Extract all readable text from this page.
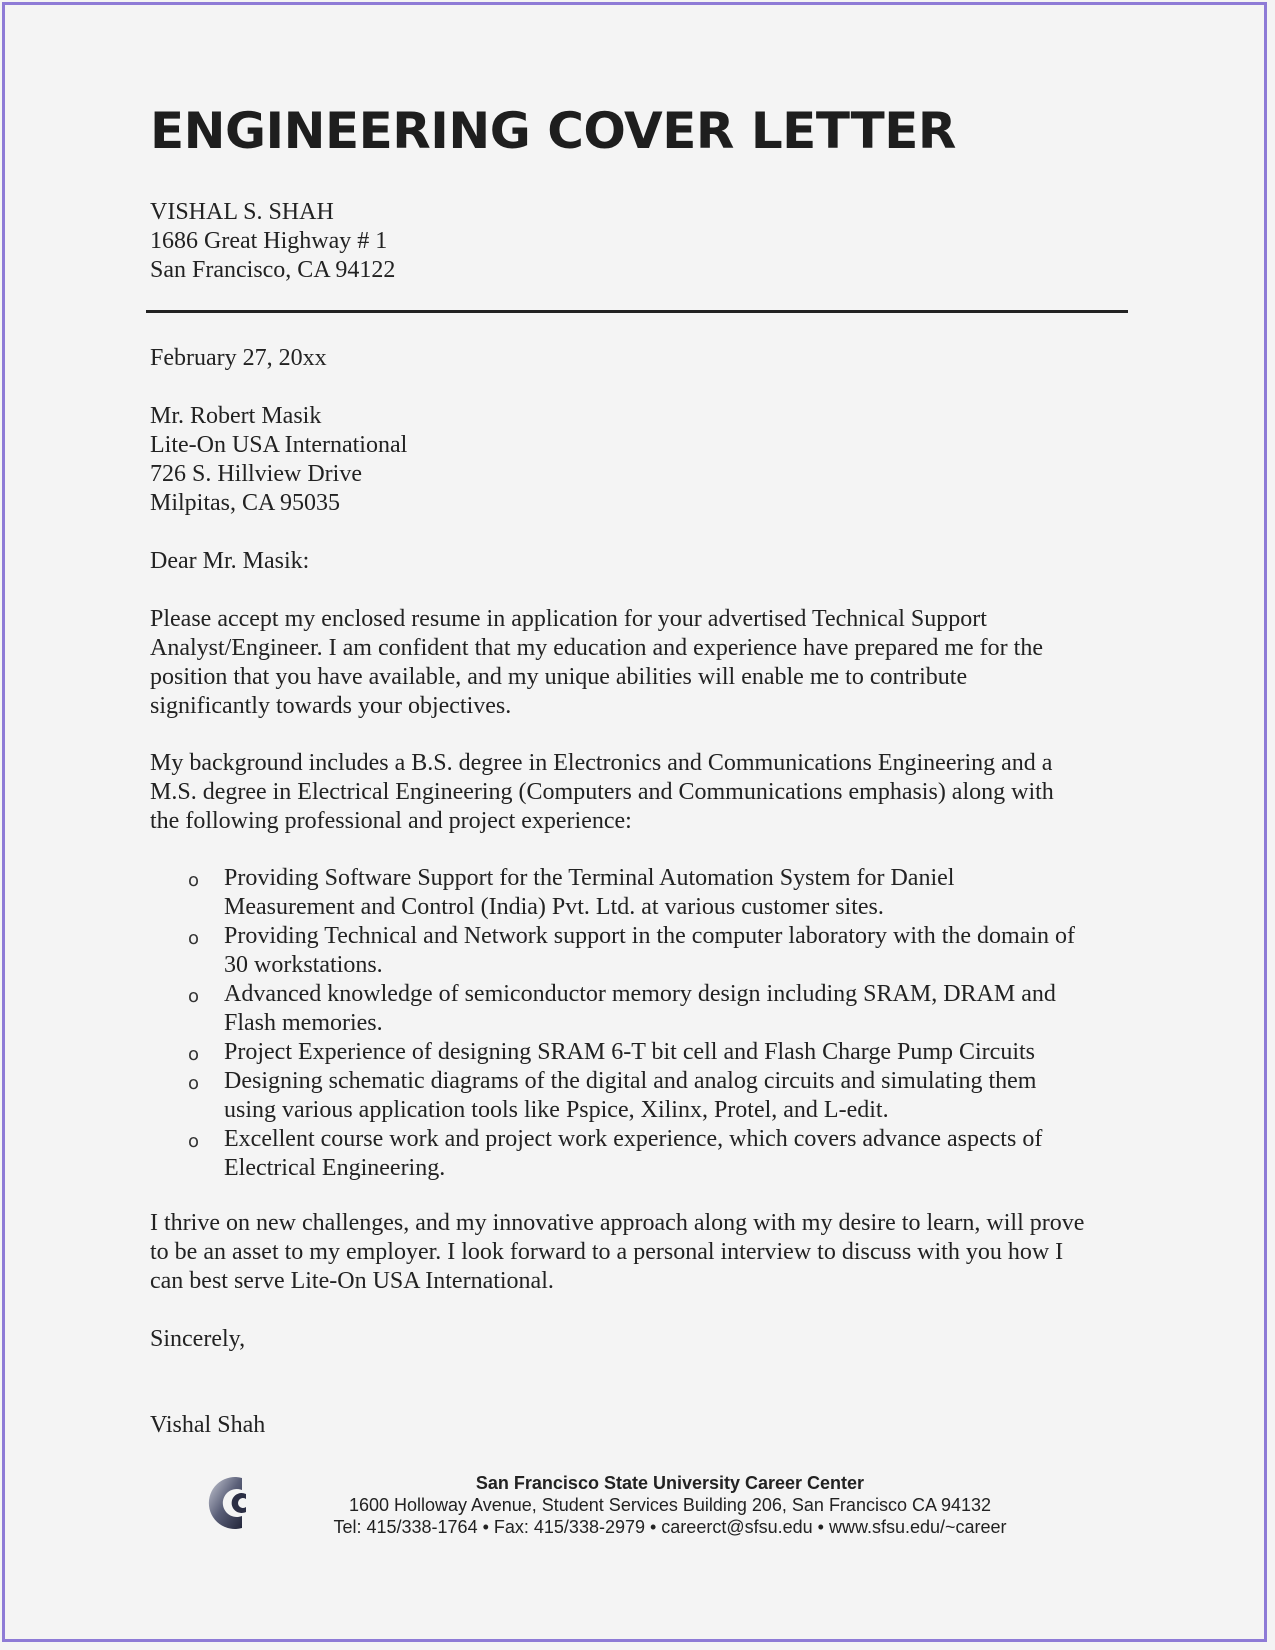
ENGINEERING COVER LETTER
VISHAL S. SHAH
1686 Great Highway # 1
San Francisco, CA 94122
February 27, 20xx
Mr. Robert Masik
Lite-On USA International
726 S. Hillview Drive
Milpitas, CA 95035
Dear Mr. Masik:
Please accept my enclosed resume in application for your advertised Technical Support
Analyst/Engineer. I am confident that my education and experience have prepared me for the
position that you have available, and my unique abilities will enable me to contribute
significantly towards your objectives.
My background includes a B.S. degree in Electronics and Communications Engineering and a
M.S. degree in Electrical Engineering (Computers and Communications emphasis) along with
the following professional and project experience:
o Providing Software Support for the Terminal Automation System for Daniel
Measurement and Control (India) Pvt. Ltd. at various customer sites.
o Providing Technical and Network support in the computer laboratory with the domain of
30 workstations.
o Advanced knowledge of semiconductor memory design including SRAM, DRAM and
Flash memories.
o Project Experience of designing SRAM 6-T bit cell and Flash Charge Pump Circuits
o Designing schematic diagrams of the digital and analog circuits and simulating them
using various application tools like Pspice, Xilinx, Protel, and L-edit.
o Excellent course work and project work experience, which covers advance aspects of
Electrical Engineering.
I thrive on new challenges, and my innovative approach along with my desire to learn, will prove
to be an asset to my employer. I look forward to a personal interview to discuss with you how I
can best serve Lite-On USA International.
Sincerely,
Vishal Shah
San Francisco State University Career Center
1600 Holloway Avenue, Student Services Building 206, San Francisco CA 94132
Tel: 415/338-1764 • Fax: 415/338-2979 • careerct@sfsu.edu • www.sfsu.edu/~career
